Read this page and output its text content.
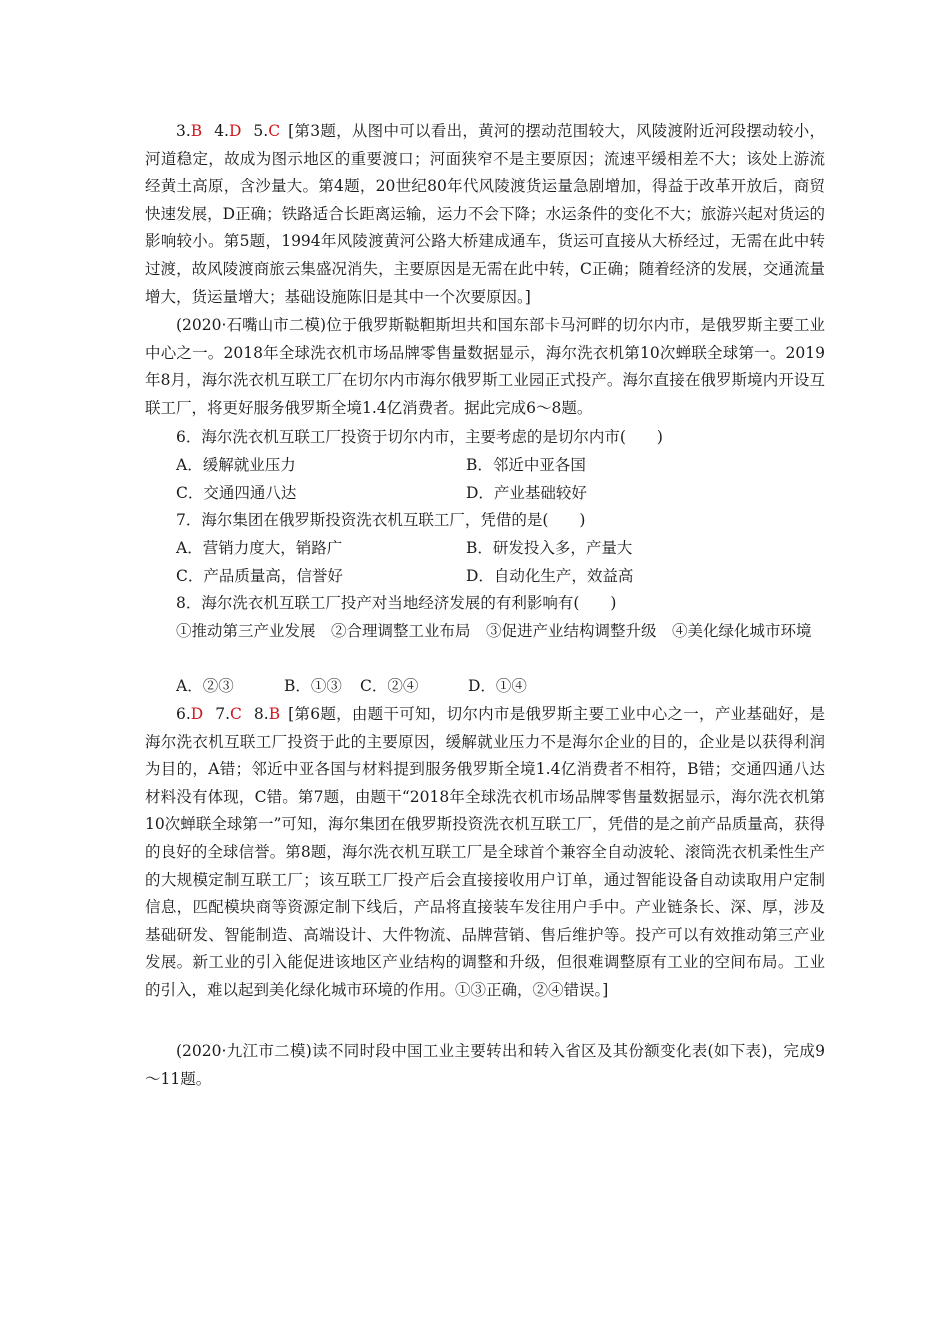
3.B 4.D 5.C [第3题，从图中可以看出，黄河的摆动范围较大，风陵渡附近河段摆动较小，河道稳定，故成为图示地区的重要渡口；河面狭窄不是主要原因；流速平缓相差不大；该处上游流经黄土高原，含沙量大。第4题，20世纪80年代风陵渡货运量急剧增加，得益于改革开放后，商贸快速发展，D正确；铁路适合长距离运输，运力不会下降；水运条件的变化不大；旅游兴起对货运的影响较小。第5题，1994年风陵渡黄河公路大桥建成通车，货运可直接从大桥经过，无需在此中转过渡，故风陵渡商旅云集盛况消失，主要原因是无需在此中转，C正确；随着经济的发展，交通流量增大，货运量增大；基础设施陈旧是其中一个次要原因。]
(2020·石嘴山市二模)位于俄罗斯鞑靼斯坦共和国东部卡马河畔的切尔内市，是俄罗斯主要工业中心之一。2018年全球洗衣机市场品牌零售量数据显示，海尔洗衣机第10次蝉联全球第一。2019年8月，海尔洗衣机互联工厂在切尔内市海尔俄罗斯工业园正式投产。海尔直接在俄罗斯境内开设互联工厂，将更好服务俄罗斯全境1.4亿消费者。据此完成6～8题。
6．海尔洗衣机互联工厂投资于切尔内市，主要考虑的是切尔内市(　　)
A．缓解就业压力	B．邻近中亚各国
C．交通四通八达	D．产业基础较好
7．海尔集团在俄罗斯投资洗衣机互联工厂，凭借的是(　　)
A．营销力度大，销路广	B．研发投入多，产量大
C．产品质量高，信誉好	D．自动化生产，效益高
8．海尔洗衣机互联工厂投产对当地经济发展的有利影响有(　　)
①推动第三产业发展　②合理调整工业布局　③促进产业结构调整升级　④美化绿化城市环境
A．②③	B．①③ C．②④	D．①④
6.D 7.C 8.B [第6题，由题干可知，切尔内市是俄罗斯主要工业中心之一，产业基础好，是海尔洗衣机互联工厂投资于此的主要原因，缓解就业压力不是海尔企业的目的，企业是以获得利润为目的，A错；邻近中亚各国与材料提到服务俄罗斯全境1.4亿消费者不相符，B错；交通四通八达材料没有体现，C错。第7题，由题干“2018年全球洗衣机市场品牌零售量数据显示，海尔洗衣机第10次蝉联全球第一”可知，海尔集团在俄罗斯投资洗衣机互联工厂，凭借的是之前产品质量高，获得的良好的全球信誉。第8题，海尔洗衣机互联工厂是全球首个兼容全自动波轮、滚筒洗衣机柔性生产的大规模定制互联工厂；该互联工厂投产后会直接接收用户订单，通过智能设备自动读取用户定制信息，匹配模块商等资源定制下线后，产品将直接装车发往用户手中。产业链条长、深、厚，涉及基础研发、智能制造、高端设计、大件物流、品牌营销、售后维护等。投产可以有效推动第三产业发展。新工业的引入能促进该地区产业结构的调整和升级，但很难调整原有工业的空间布局。工业的引入，难以起到美化绿化城市环境的作用。①③正确，②④错误。]
(2020·九江市二模)读不同时段中国工业主要转出和转入省区及其份额变化表(如下表)，完成9～11题。
